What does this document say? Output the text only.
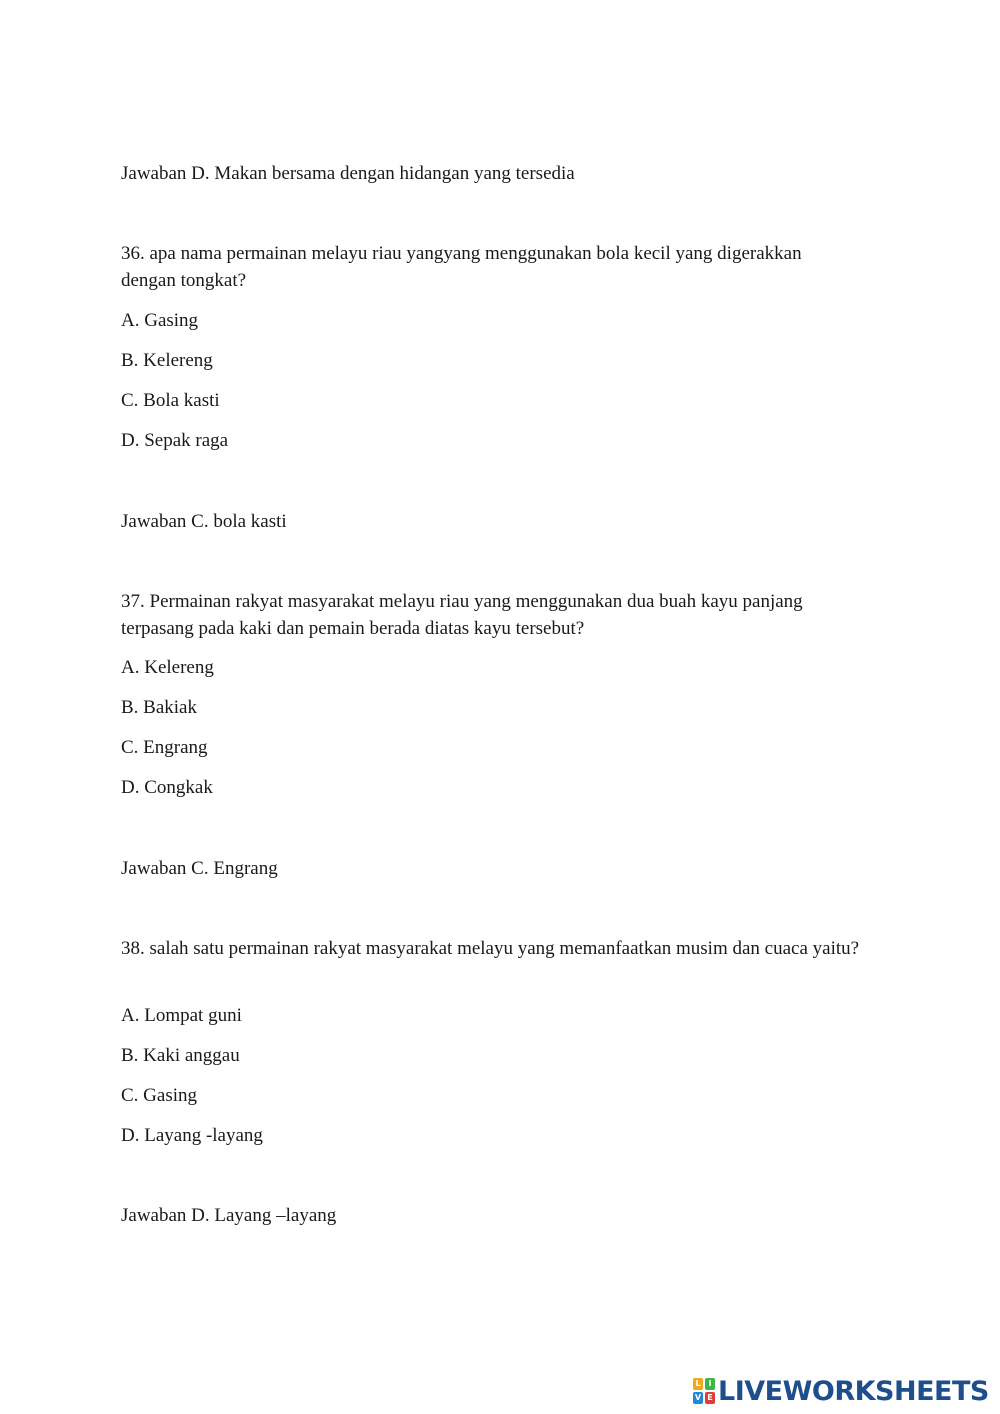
Jawaban D. Makan bersama dengan hidangan yang tersedia
36. apa nama permainan melayu riau yangyang menggunakan bola kecil yang digerakkan dengan tongkat?
A. Gasing
B. Kelereng
C. Bola kasti
D. Sepak raga
Jawaban C. bola kasti
37. Permainan rakyat masyarakat melayu riau yang menggunakan dua buah kayu panjang terpasang pada kaki dan pemain berada diatas kayu tersebut?
A. Kelereng
B. Bakiak
C. Engrang
D. Congkak
Jawaban C. Engrang
38. salah satu permainan rakyat masyarakat melayu yang memanfaatkan musim dan cuaca yaitu?
A. Lompat guni
B. Kaki anggau
C. Gasing
D. Layang -layang
Jawaban D. Layang –layang
L I
V E LIVEWORKSHEETS
